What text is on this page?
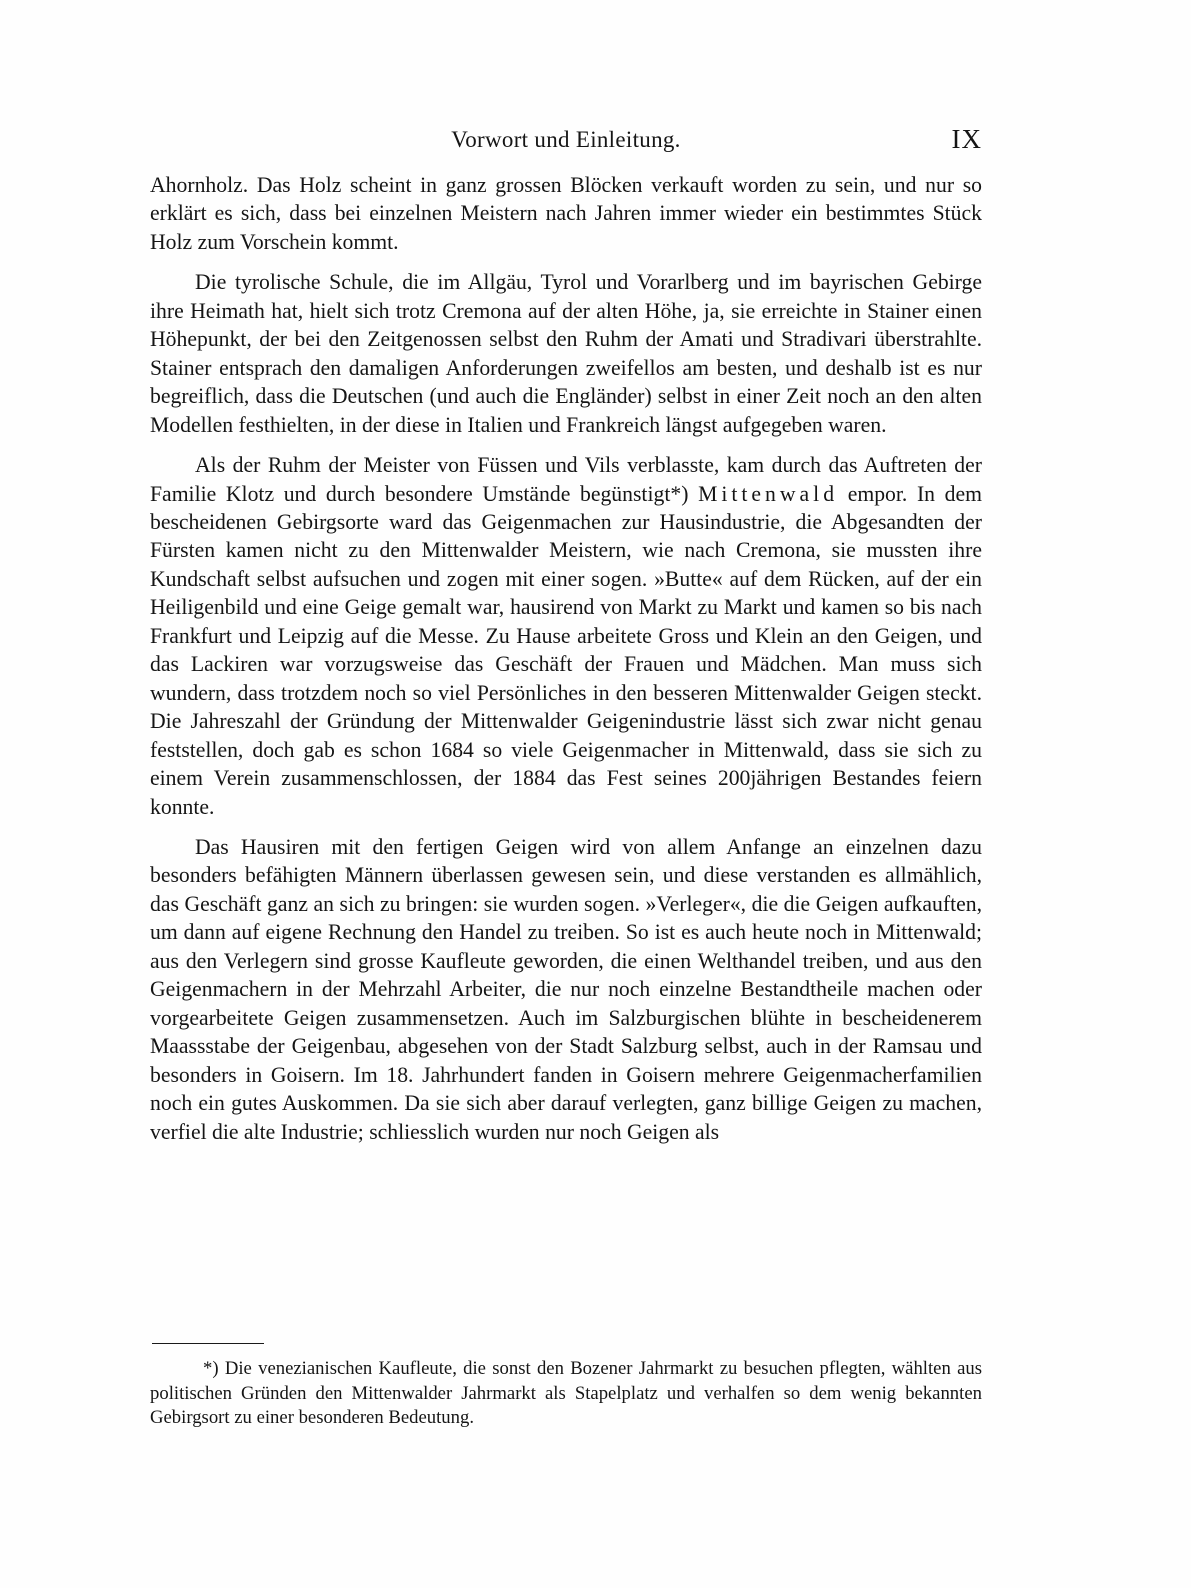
Vorwort und Einleitung.	IX

Ahornholz. Das Holz scheint in ganz grossen Blöcken verkauft worden zu sein, und nur so erklärt es sich, dass bei einzelnen Meistern nach Jahren immer wieder ein bestimmtes Stück Holz zum Vorschein kommt.

Die tyrolische Schule, die im Allgäu, Tyrol und Vorarlberg und im bayrischen Gebirge ihre Heimath hat, hielt sich trotz Cremona auf der alten Höhe, ja, sie erreichte in Stainer einen Höhepunkt, der bei den Zeitgenossen selbst den Ruhm der Amati und Stradivari überstrahlte. Stainer entsprach den damaligen Anforderungen zweifellos am besten, und deshalb ist es nur begreiflich, dass die Deutschen (und auch die Engländer) selbst in einer Zeit noch an den alten Modellen festhielten, in der diese in Italien und Frankreich längst aufgegeben waren.

Als der Ruhm der Meister von Füssen und Vils verblasste, kam durch das Auftreten der Familie Klotz und durch besondere Umstände begünstigt*) Mittenwald empor. In dem bescheidenen Gebirgsorte ward das Geigenmachen zur Hausindustrie, die Abgesandten der Fürsten kamen nicht zu den Mittenwalder Meistern, wie nach Cremona, sie mussten ihre Kundschaft selbst aufsuchen und zogen mit einer sogen. »Butte« auf dem Rücken, auf der ein Heiligenbild und eine Geige gemalt war, hausirend von Markt zu Markt und kamen so bis nach Frankfurt und Leipzig auf die Messe. Zu Hause arbeitete Gross und Klein an den Geigen, und das Lackiren war vorzugsweise das Geschäft der Frauen und Mädchen. Man muss sich wundern, dass trotzdem noch so viel Persönliches in den besseren Mittenwalder Geigen steckt. Die Jahreszahl der Gründung der Mittenwalder Geigenindustrie lässt sich zwar nicht genau feststellen, doch gab es schon 1684 so viele Geigenmacher in Mittenwald, dass sie sich zu einem Verein zusammenschlossen, der 1884 das Fest seines 200jährigen Bestandes feiern konnte.

Das Hausiren mit den fertigen Geigen wird von allem Anfange an einzelnen dazu besonders befähigten Männern überlassen gewesen sein, und diese verstanden es allmählich, das Geschäft ganz an sich zu bringen: sie wurden sogen. »Verleger«, die die Geigen aufkauften, um dann auf eigene Rechnung den Handel zu treiben. So ist es auch heute noch in Mittenwald; aus den Verlegern sind grosse Kaufleute geworden, die einen Welthandel treiben, und aus den Geigenmachern in der Mehrzahl Arbeiter, die nur noch einzelne Bestandtheile machen oder vorgearbeitete Geigen zusammensetzen. Auch im Salzburgischen blühte in bescheidenerem Maassstabe der Geigenbau, abgesehen von der Stadt Salzburg selbst, auch in der Ramsau und besonders in Goisern. Im 18. Jahrhundert fanden in Goisern mehrere Geigenmacherfamilien noch ein gutes Auskommen. Da sie sich aber darauf verlegten, ganz billige Geigen zu machen, verfiel die alte Industrie; schliesslich wurden nur noch Geigen als

*) Die venezianischen Kaufleute, die sonst den Bozener Jahrmarkt zu besuchen pflegten, wählten aus politischen Gründen den Mittenwalder Jahrmarkt als Stapelplatz und verhalfen so dem wenig bekannten Gebirgsort zu einer besonderen Bedeutung.
